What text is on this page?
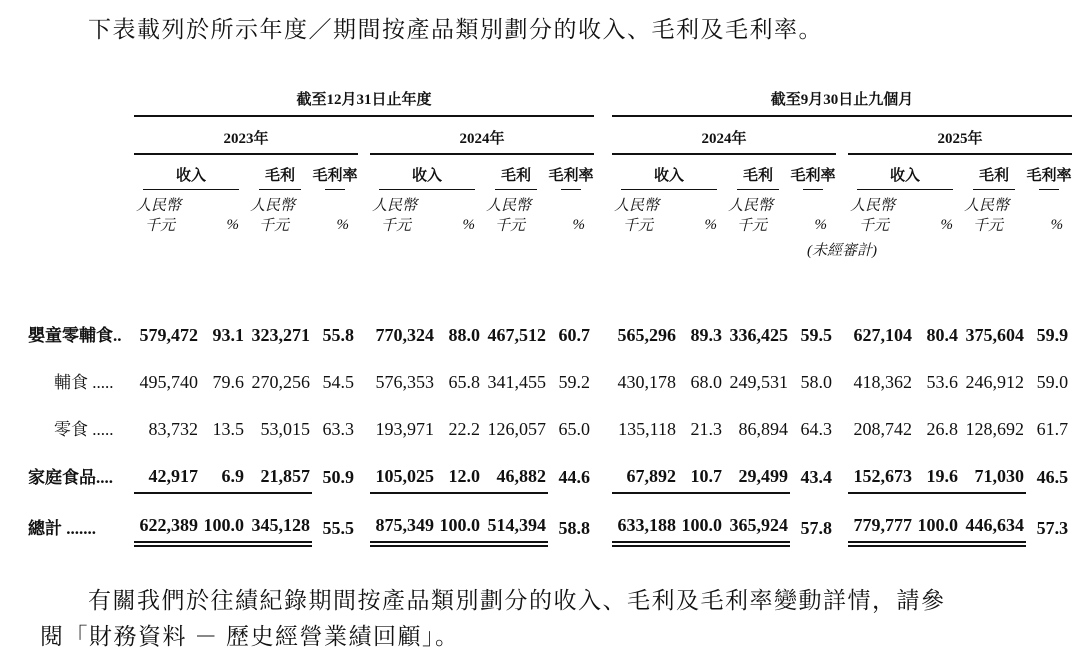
下表載列於所示年度／期間按產品類別劃分的收入、毛利及毛利率。

	截至12月31日止年度										截至9月30日止九個月								
	2023年					2024年					2024年					2025年			

	收入		毛利	毛利率		收入		毛利	毛利率		收入		毛利	毛利率		收入		毛利	毛利率

人民幣
千元	%	
人民幣
千元	%		
人民幣
千元	%	
人民幣
千元	%		
人民幣
千元	%	
人民幣
千元	%		
人民幣
千元	%	
人民幣
千元	%
											(未經審計)								

嬰童零輔食..	579,472	93.1	323,271	55.8		770,324	88.0	467,512	60.7		565,296	89.3	336,425	59.5		627,104	80.4	375,604	59.9
輔食 .....	495,740	79.6	270,256	54.5		576,353	65.8	341,455	59.2		430,178	68.0	249,531	58.0		418,362	53.6	246,912	59.0
零食 .....	83,732	13.5	53,015	63.3		193,971	22.2	126,057	65.0		135,118	21.3	86,894	64.3		208,742	26.8	128,692	61.7
家庭食品....	42,917	6.9	21,857	50.9		105,025	12.0	46,882	44.6		67,892	10.7	29,499	43.4		152,673	19.6	71,030	46.5
總計 .......	622,389	100.0	345,128	55.5		875,349	100.0	514,394	58.8		633,188	100.0	365,924	57.8		779,777	100.0	446,634	57.3
有關我們於往績紀錄期間按產品類別劃分的收入、毛利及毛利率變動詳情，請參
閱「財務資料 － 歷史經營業績回顧」。
